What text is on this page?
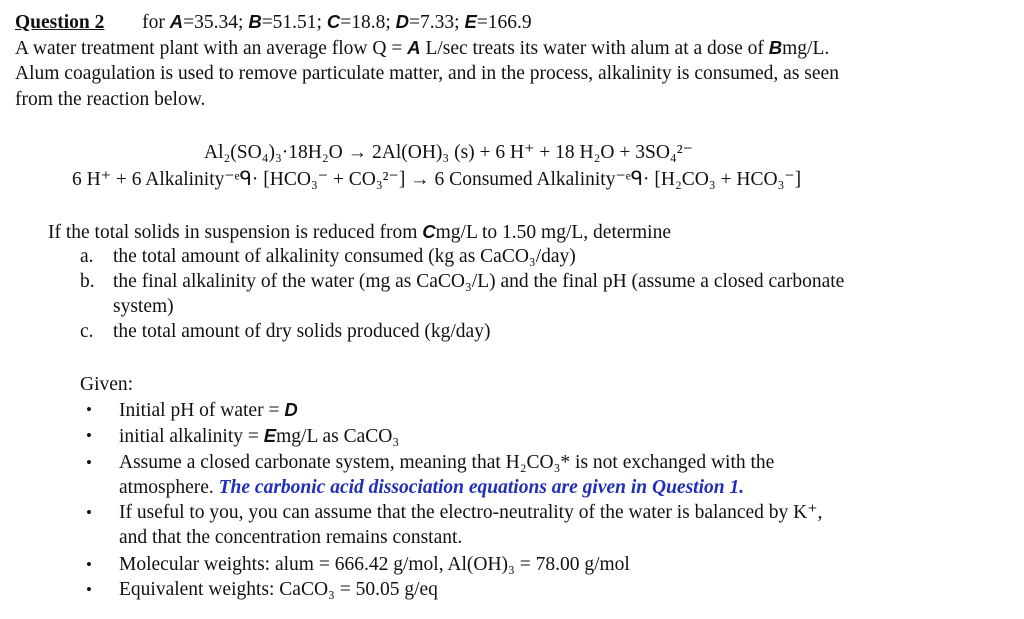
Question 2 for A=35.34; B=51.51; C=18.8; D=7.33; E=166.9
A water treatment plant with an average flow Q = A L/sec treats its water with alum at a dose of Bmg/L.
Alum coagulation is used to remove particulate matter, and in the process, alkalinity is consumed, as seen
from the reaction below.
Al₂(SO₄)₃·18H₂O → 2Al(OH)₃ (s) + 6 H⁺ + 18 H₂O + 3SO₄²⁻
6 H⁺ + 6 Alkalinity⁻ᵉᑫ· [HCO₃⁻ + CO₃²⁻] → 6 Consumed Alkalinity⁻ᵉᑫ· [H₂CO₃ + HCO₃⁻]
If the total solids in suspension is reduced from Cmg/L to 1.50 mg/L, determine
a. the total amount of alkalinity consumed (kg as CaCO₃/day)
b. the final alkalinity of the water (mg as CaCO₃/L) and the final pH (assume a closed carbonate
system)
c. the total amount of dry solids produced (kg/day)
Given:
• Initial pH of water = D
• initial alkalinity = Emg/L as CaCO₃
• Assume a closed carbonate system, meaning that H₂CO₃* is not exchanged with the
atmosphere. The carbonic acid dissociation equations are given in Question 1.
• If useful to you, you can assume that the electro-neutrality of the water is balanced by K⁺,
and that the concentration remains constant.
• Molecular weights: alum = 666.42 g/mol, Al(OH)₃ = 78.00 g/mol
• Equivalent weights: CaCO₃ = 50.05 g/eq
